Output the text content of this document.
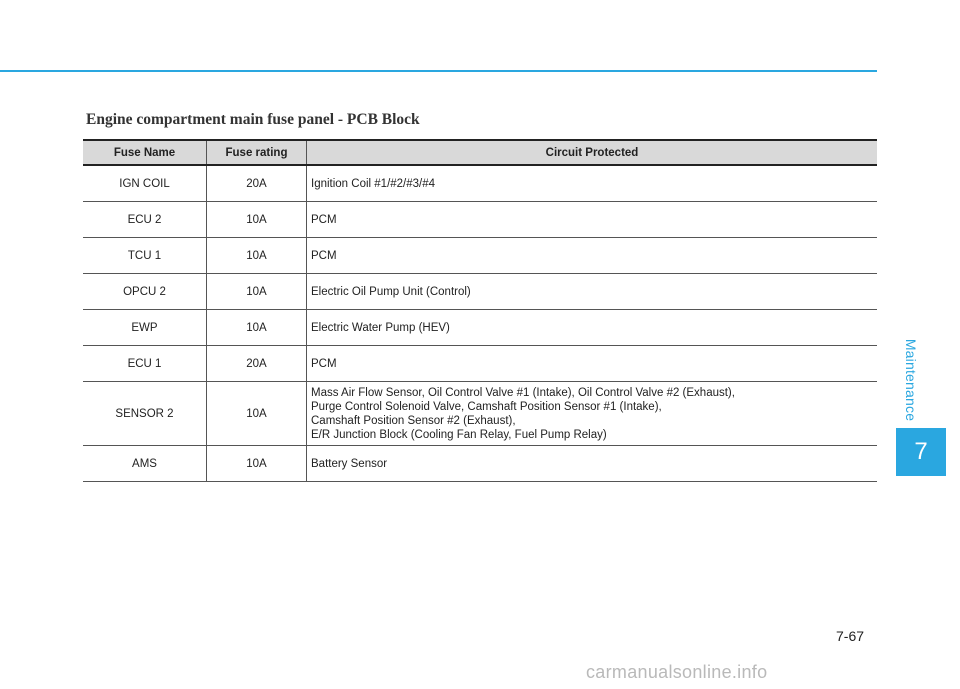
Maintenance
7
Engine compartment main fuse panel - PCB Block
Fuse Name	Fuse rating	Circuit Protected
IGN COIL	20A	Ignition Coil #1/#2/#3/#4
ECU 2	10A	PCM
TCU 1	10A	PCM
OPCU 2	10A	Electric Oil Pump Unit (Control)
EWP	10A	Electric Water Pump (HEV)
ECU 1	20A	PCM
SENSOR 2	10A	Mass Air Flow Sensor, Oil Control Valve #1 (Intake), Oil Control Valve #2 (Exhaust),
Purge Control Solenoid Valve, Camshaft Position Sensor #1 (Intake),
Camshaft Position Sensor #2 (Exhaust),
E/R Junction Block (Cooling Fan Relay, Fuel Pump Relay)

AMS	10A	Battery Sensor
7-67
carmanualsonline.info
